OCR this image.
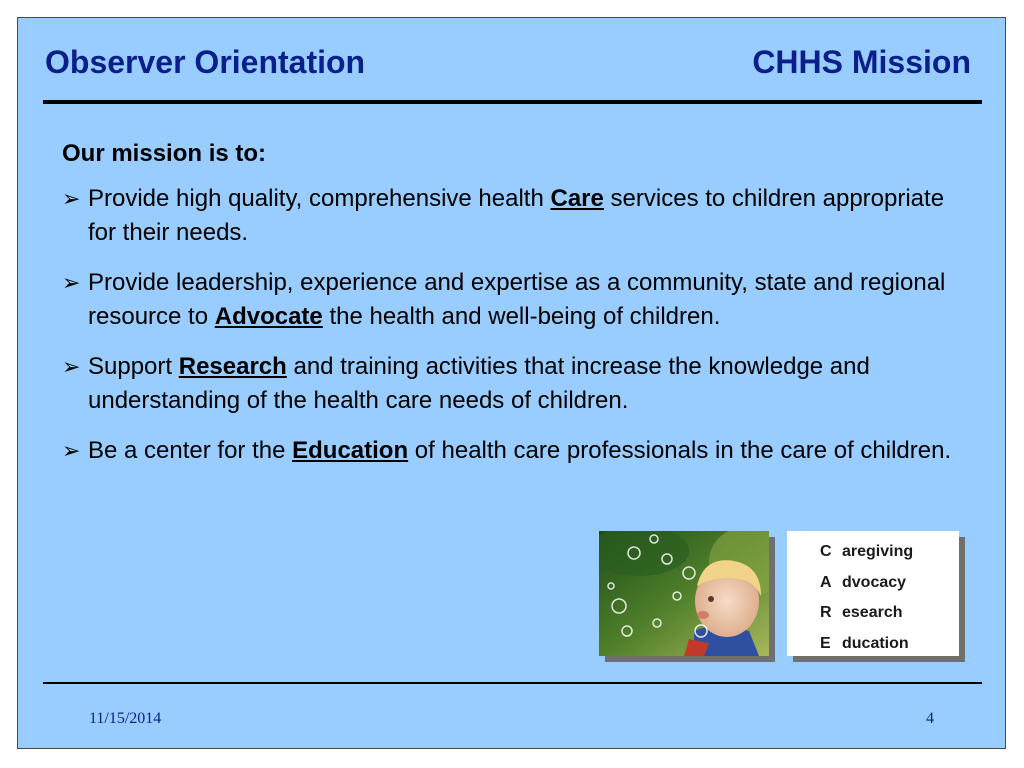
Observer Orientation	CHHS Mission

Our mission is to:

➢ Provide high quality, comprehensive health Care services to children appropriate for their needs.

➢ Provide leadership, experience and expertise as a community, state and regional resource to Advocate the health and well-being of children.

➢ Support Research and training activities that increase the knowledge and understanding of the health care needs of children.

➢ Be a center for the Education of health care professionals in the care of children.

C aregiving
A dvocacy
R esearch
E ducation
11/15/2014	4
